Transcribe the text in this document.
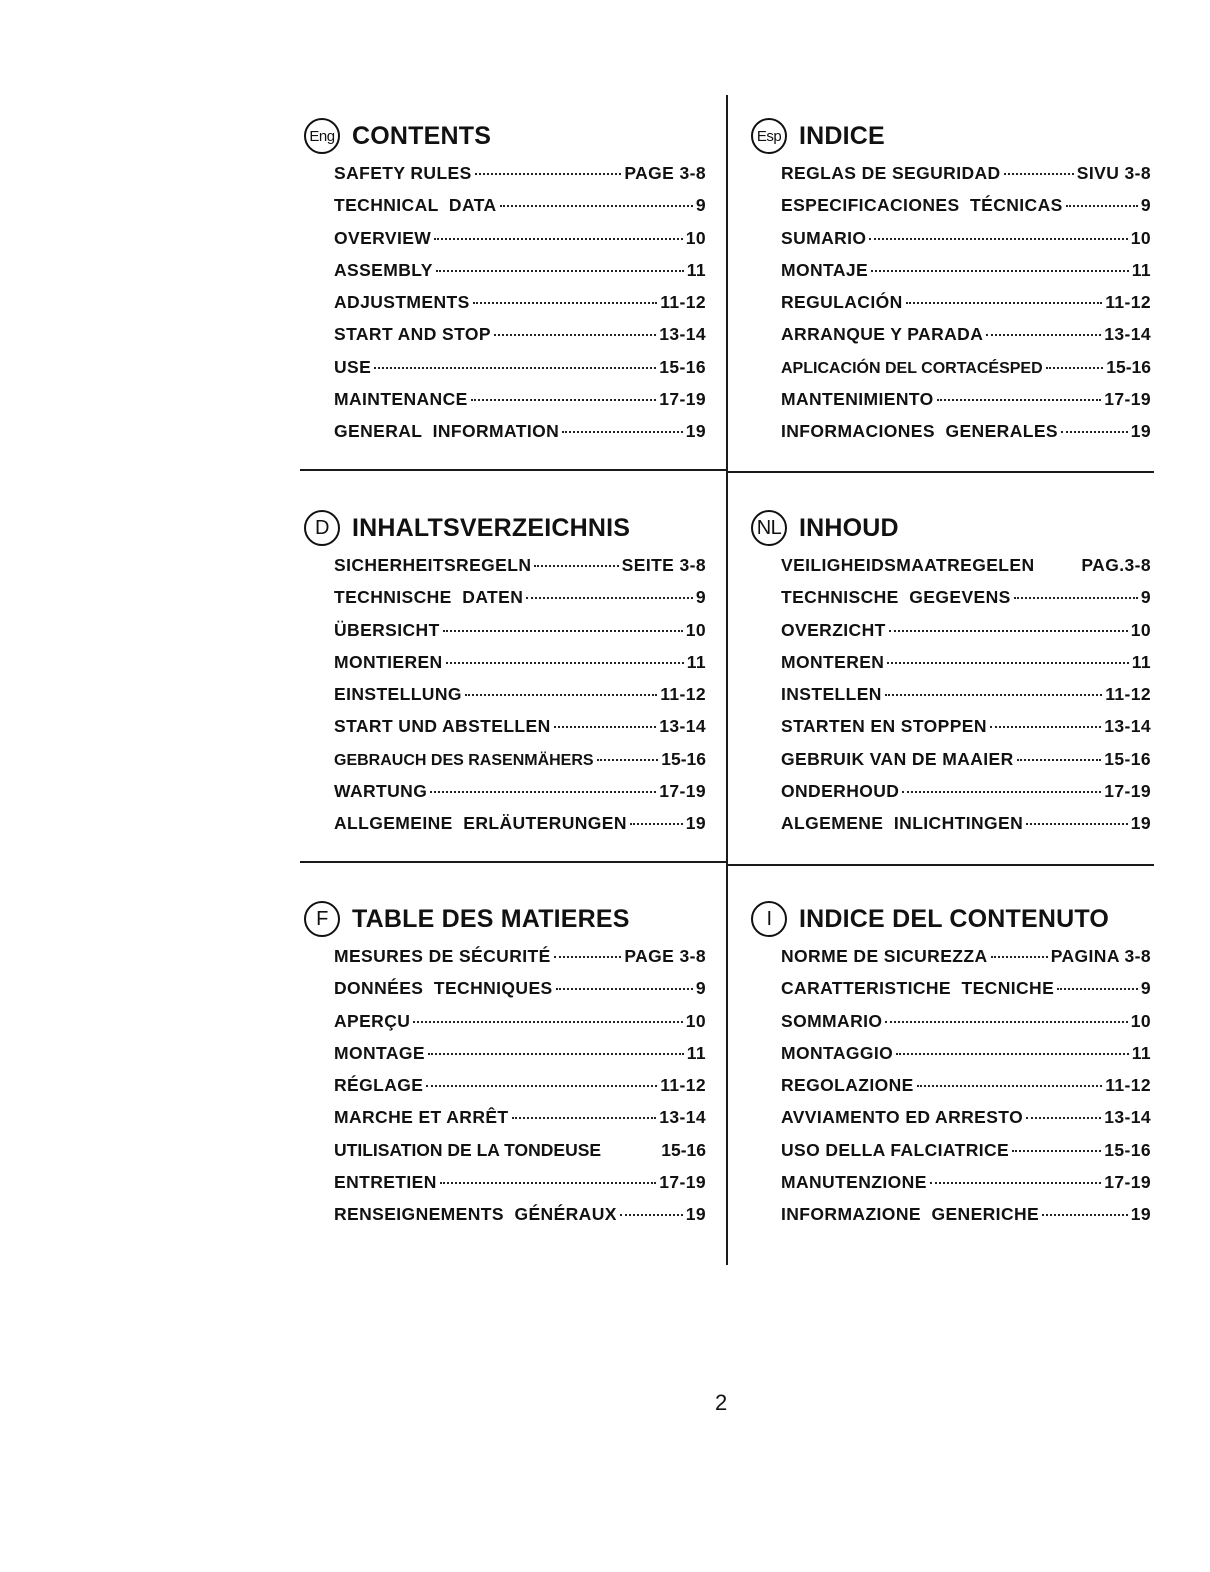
Eng CONTENTS
SAFETY RULES	PAGE 3-8
TECHNICAL  DATA	9
OVERVIEW	10
ASSEMBLY	11
ADJUSTMENTS	11-12
START AND STOP	13-14
USE	15-16
MAINTENANCE	17-19
GENERAL  INFORMATION	19
Esp INDICE
REGLAS DE SEGURIDAD	SIVU 3-8
ESPECIFICACIONES  TÉCNICAS	9
SUMARIO	10
MONTAJE	11
REGULACIÓN	11-12
ARRANQUE Y PARADA	13-14
APLICACIÓN DEL CORTACÉSPED	15-16
MANTENIMIENTO	17-19
INFORMACIONES  GENERALES	19
D INHALTSVERZEICHNIS
SICHERHEITSREGELN	SEITE 3-8
TECHNISCHE  DATEN	9
ÜBERSICHT	10
MONTIEREN	11
EINSTELLUNG	11-12
START UND ABSTELLEN	13-14
GEBRAUCH DES RASENMÄHERS	15-16
WARTUNG	17-19
ALLGEMEINE  ERLÄUTERUNGEN	19
NL INHOUD
VEILIGHEIDSMAATREGELEN	PAG.3-8
TECHNISCHE  GEGEVENS	9
OVERZICHT	10
MONTEREN	11
INSTELLEN	11-12
STARTEN EN STOPPEN	13-14
GEBRUIK VAN DE MAAIER	15-16
ONDERHOUD	17-19
ALGEMENE  INLICHTINGEN	19
F TABLE DES MATIERES
MESURES DE SÉCURITÉ	PAGE 3-8
DONNÉES  TECHNIQUES	9
APERÇU	10
MONTAGE	11
RÉGLAGE	11-12
MARCHE ET ARRÊT	13-14
UTILISATION DE LA TONDEUSE	15-16
ENTRETIEN	17-19
RENSEIGNEMENTS  GÉNÉRAUX	19
I	INDICE DEL CONTENUTO
NORME DE SICUREZZA	PAGINA 3-8
CARATTERISTICHE  TECNICHE	9
SOMMARIO	10
MONTAGGIO	11
REGOLAZIONE	11-12
AVVIAMENTO ED ARRESTO	13-14
USO DELLA FALCIATRICE	15-16
MANUTENZIONE	17-19
INFORMAZIONE  GENERICHE	19
2
